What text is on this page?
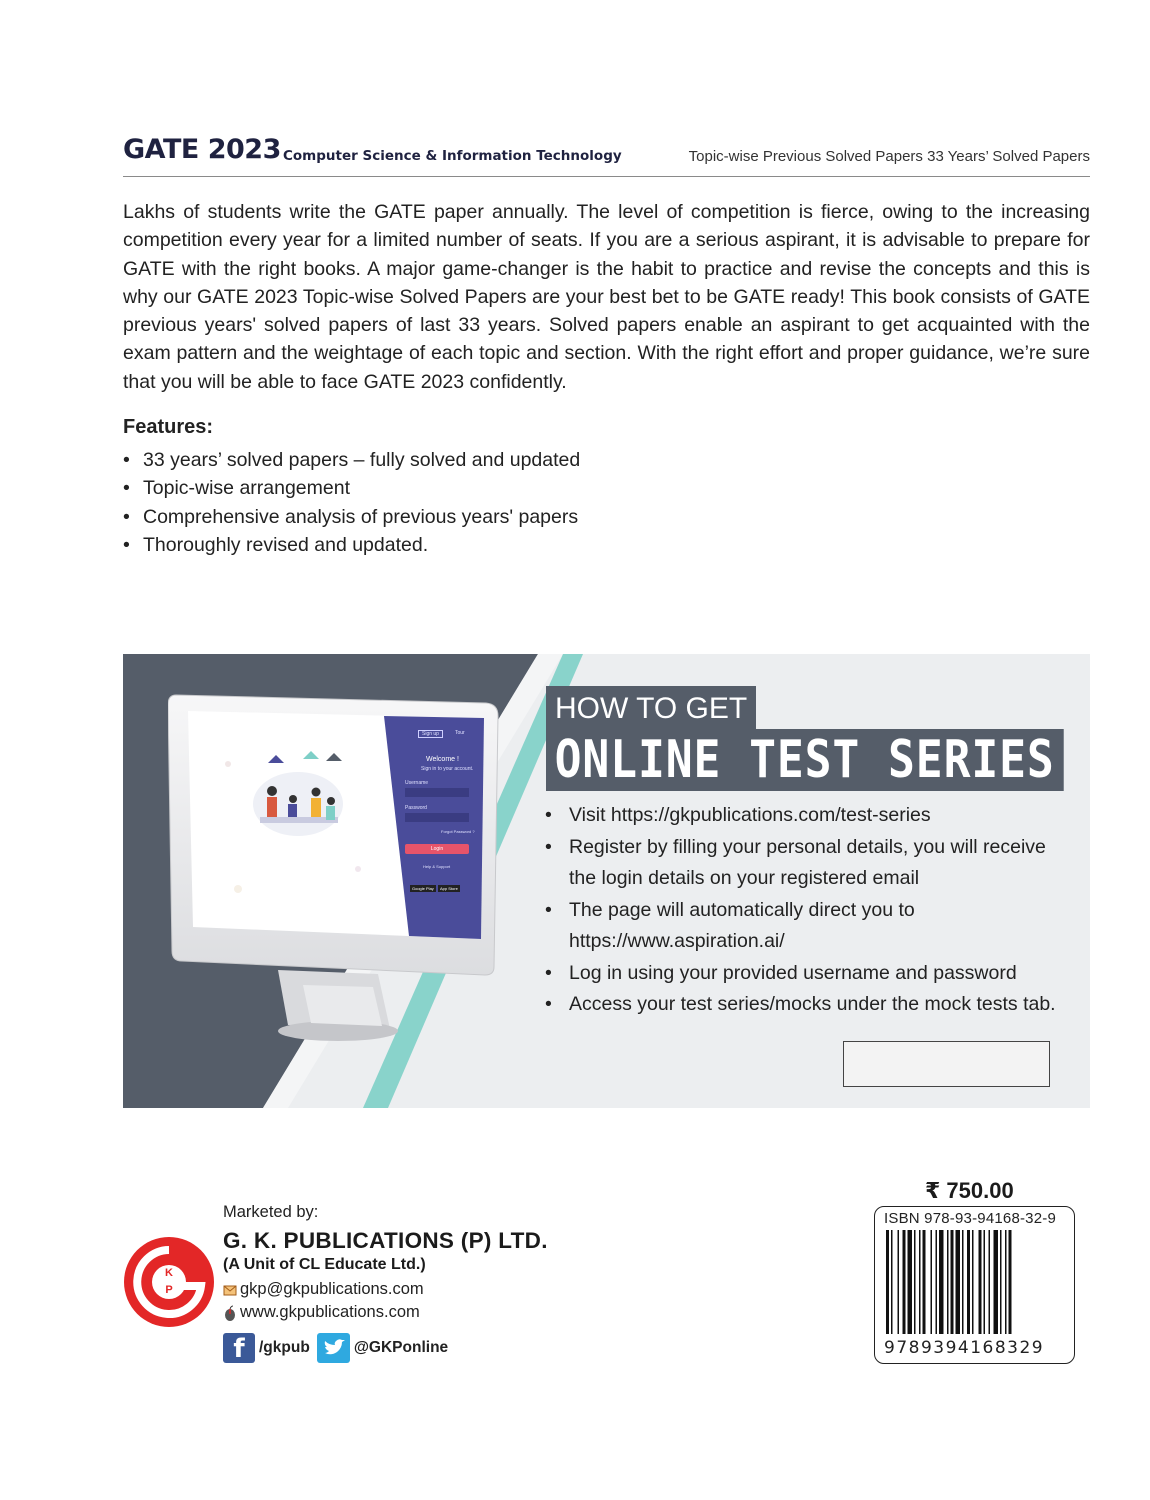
GATE 2023 Computer Science & Information Technology	Topic-wise Previous Solved Papers 33 Years’ Solved Papers
Lakhs of students write the GATE paper annually. The level of competition is fierce, owing to the increasing competition every year for a limited number of seats. If you are a serious aspirant, it is advisable to prepare for GATE with the right books. A major game-changer is the habit to practice and revise the concepts and this is why our GATE 2023 Topic-wise Solved Papers are your best bet to be GATE ready! This book consists of GATE previous years' solved papers of last 33 years. Solved papers enable an aspirant to get acquainted with the exam pattern and the weightage of each topic and section. With the right effort and proper guidance, we’re sure that you will be able to face GATE 2023 confidently.
Features:
• 33 years’ solved papers – fully solved and updated
• Topic-wise arrangement
• Comprehensive analysis of previous years' papers
• Thoroughly revised and updated.
Sign up	Tour
Welcome !
Sign in to your account.
Username
Password
Forgot Password ?
Login
Help & Support
Google Play	App Store
HOW TO GET
ONLINE TEST SERIES
• Visit https://gkpublications.com/test-series
• Register by filling your personal details, you will receive the login details on your registered email
• The page will automatically direct you to https://www.aspiration.ai/
• Log in using your provided username and password
• Access your test series/mocks under the mock tests tab.
K
P
Marketed by:
G. K. PUBLICATIONS (P) LTD.
(A Unit of CL Educate Ltd.)
gkp@gkpublications.com
www.gkpublications.com
f /gkpub	@GKPonline
₹ 750.00
ISBN 978-93-94168-32-9
9789394168329
